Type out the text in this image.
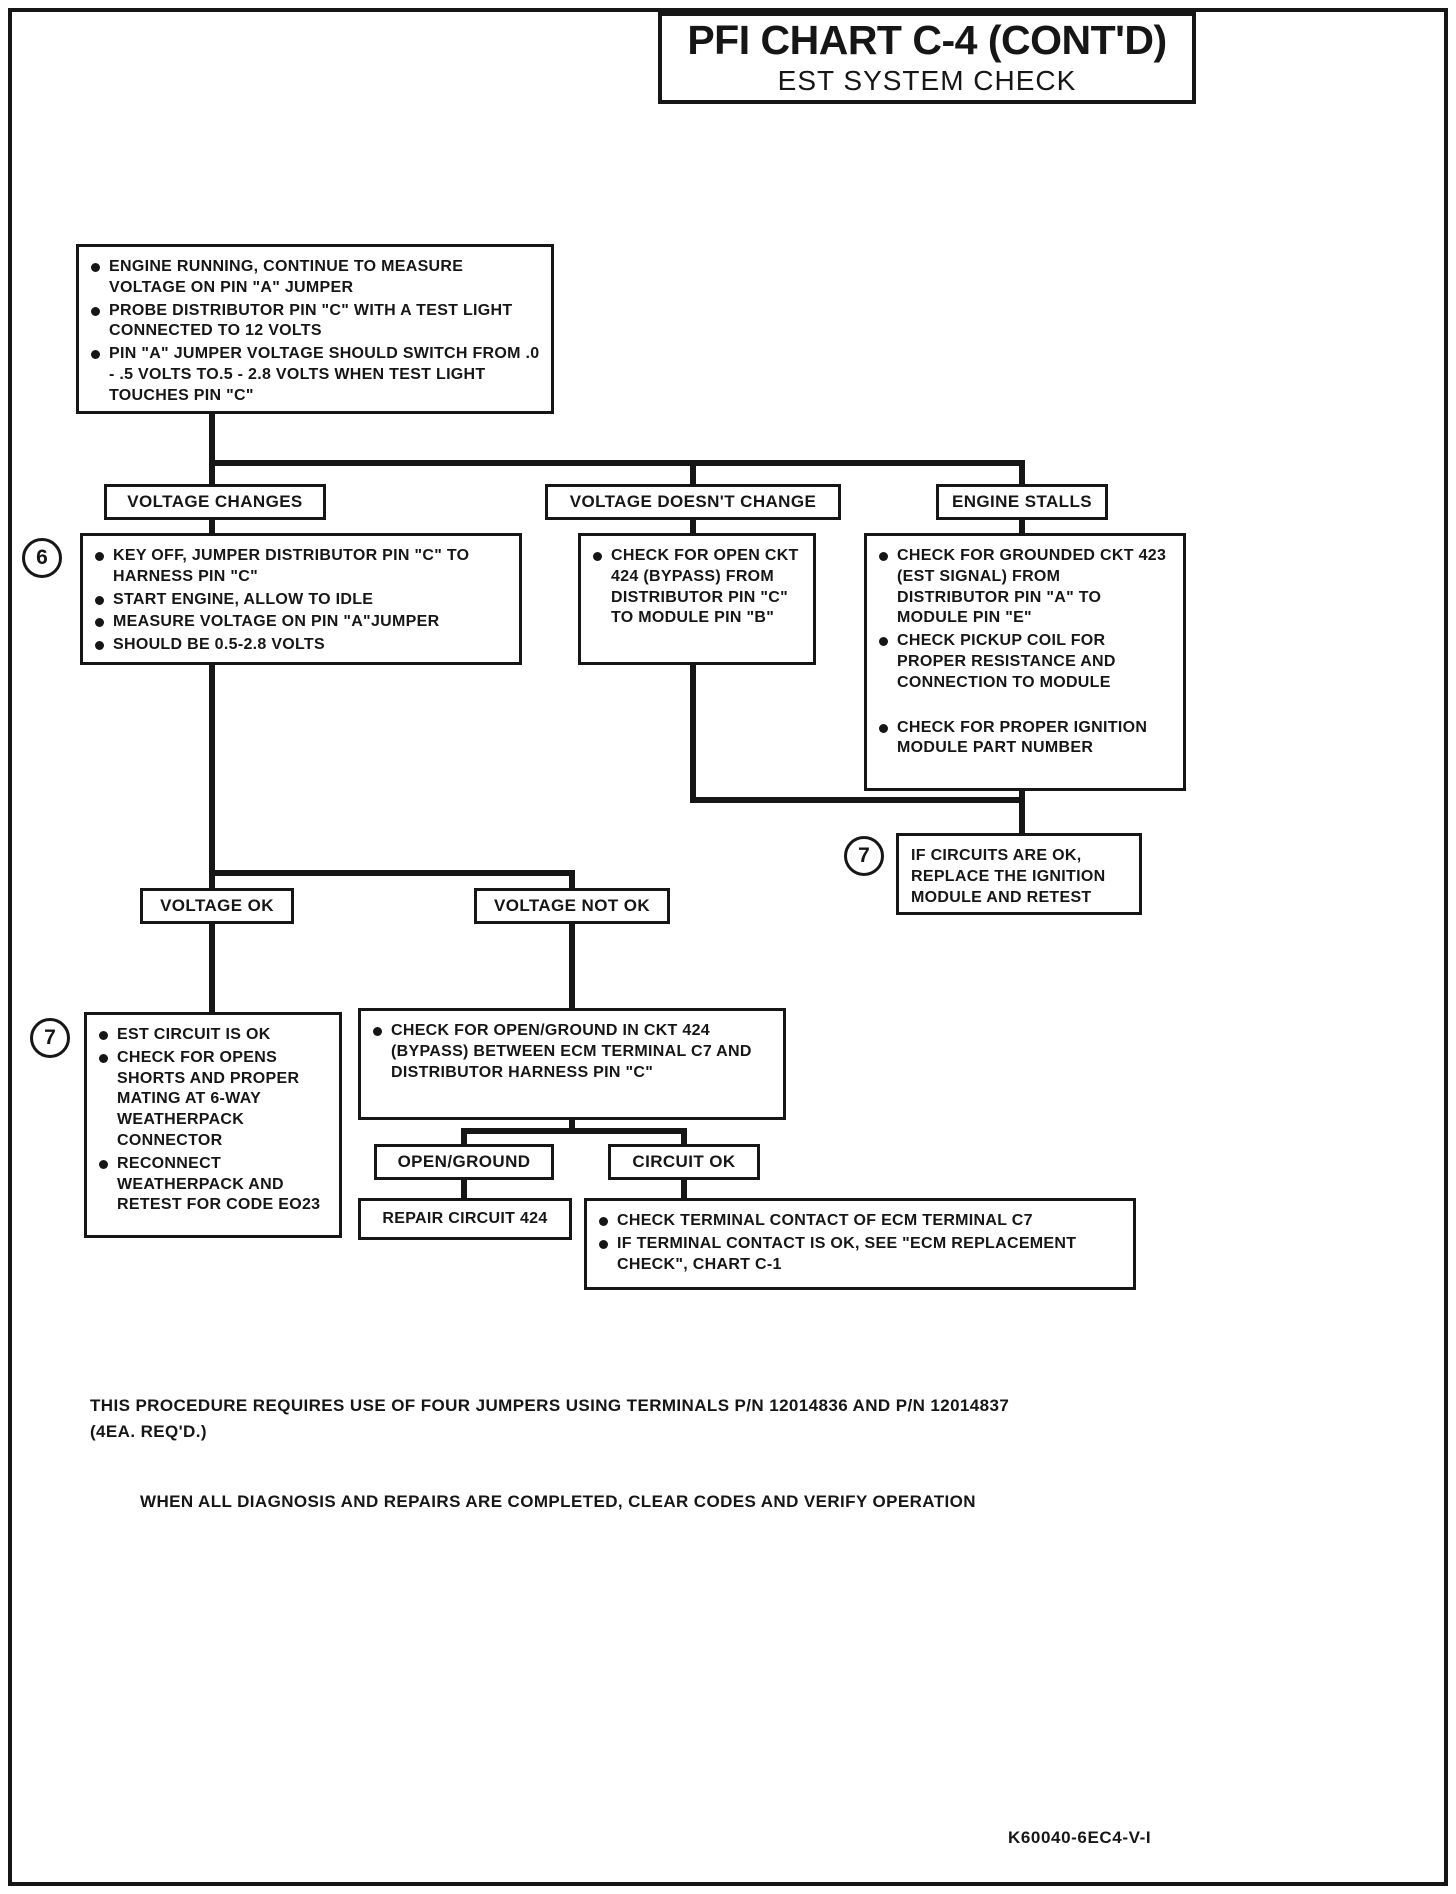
PFI CHART C-4 (CONT'D)
EST SYSTEM CHECK
ENGINE RUNNING, CONTINUE TO MEASURE VOLTAGE ON PIN "A" JUMPER
PROBE DISTRIBUTOR PIN "C" WITH A TEST LIGHT CONNECTED TO 12 VOLTS
PIN "A" JUMPER VOLTAGE SHOULD SWITCH FROM .0 - .5 VOLTS TO.5 - 2.8 VOLTS WHEN TEST LIGHT TOUCHES PIN "C"
VOLTAGE CHANGES	VOLTAGE DOESN'T CHANGE	ENGINE STALLS
6	KEY OFF, JUMPER DISTRIBUTOR PIN "C" TO HARNESS PIN "C"
START ENGINE, ALLOW TO IDLE
MEASURE VOLTAGE ON PIN "A"JUMPER
SHOULD BE 0.5-2.8 VOLTS
CHECK FOR OPEN CKT 424 (BYPASS) FROM DISTRIBUTOR PIN "C" TO MODULE PIN "B"
CHECK FOR GROUNDED CKT 423 (EST SIGNAL) FROM DISTRIBUTOR PIN "A" TO MODULE PIN "E"
CHECK PICKUP COIL FOR PROPER RESISTANCE AND CONNECTION TO MODULE
CHECK FOR PROPER IGNITION MODULE PART NUMBER
7	IF CIRCUITS ARE OK, REPLACE THE IGNITION MODULE AND RETEST
VOLTAGE OK	VOLTAGE NOT OK
7	EST CIRCUIT IS OK
CHECK FOR OPENS SHORTS AND PROPER MATING AT 6-WAY WEATHERPACK CONNECTOR
RECONNECT WEATHERPACK AND RETEST FOR CODE EO23
CHECK FOR OPEN/GROUND IN CKT 424 (BYPASS) BETWEEN ECM TERMINAL C7 AND DISTRIBUTOR HARNESS PIN "C"
OPEN/GROUND	CIRCUIT OK
REPAIR CIRCUIT 424	CHECK TERMINAL CONTACT OF ECM TERMINAL C7
IF TERMINAL CONTACT IS OK, SEE "ECM REPLACEMENT CHECK", CHART C-1
THIS PROCEDURE REQUIRES USE OF FOUR JUMPERS USING TERMINALS P/N 12014836 AND P/N 12014837
(4EA. REQ'D.)
WHEN ALL DIAGNOSIS AND REPAIRS ARE COMPLETED, CLEAR CODES AND VERIFY OPERATION
K60040-6EC4-V-I
